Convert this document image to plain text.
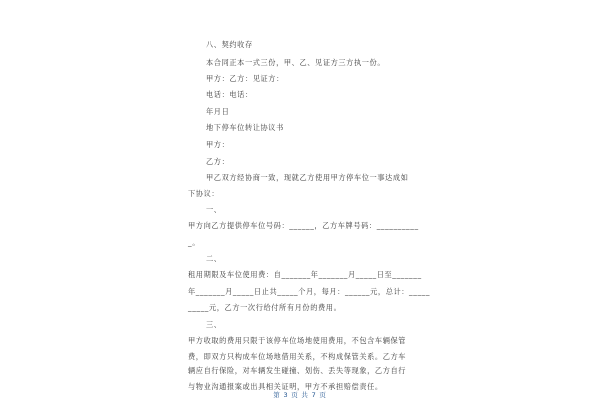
八、契约收存
本合同正本一式三份，甲、乙、见证方三方执一份。
甲方：乙方：见证方：
电话：电话：
年月日
地下停车位转让协议书
甲方：
乙方：
甲乙双方经协商一致，现就乙方使用甲方停车位一事达成如
下协议：
一、
甲方向乙方提供停车位号码：______，乙方车牌号码：__________
_。
二、
租用期限及车位使用费：自_______年_______月_____日至_______
年_______月_____日止共_____个月，每月：______元，总计：_____
_____元，乙方一次行给付所有月份的费用。
三、
甲方收取的费用只限于该停车位场地使用费用，不包含车辆保管
费，即双方只构成车位场地借用关系，不构成保管关系。乙方车
辆应自行保险，对车辆发生碰撞、划伤、丢失等现象，乙方自行
与物业沟通报案或出具相关证明，甲方不承担赔偿责任。
第 3 页 共 7 页
